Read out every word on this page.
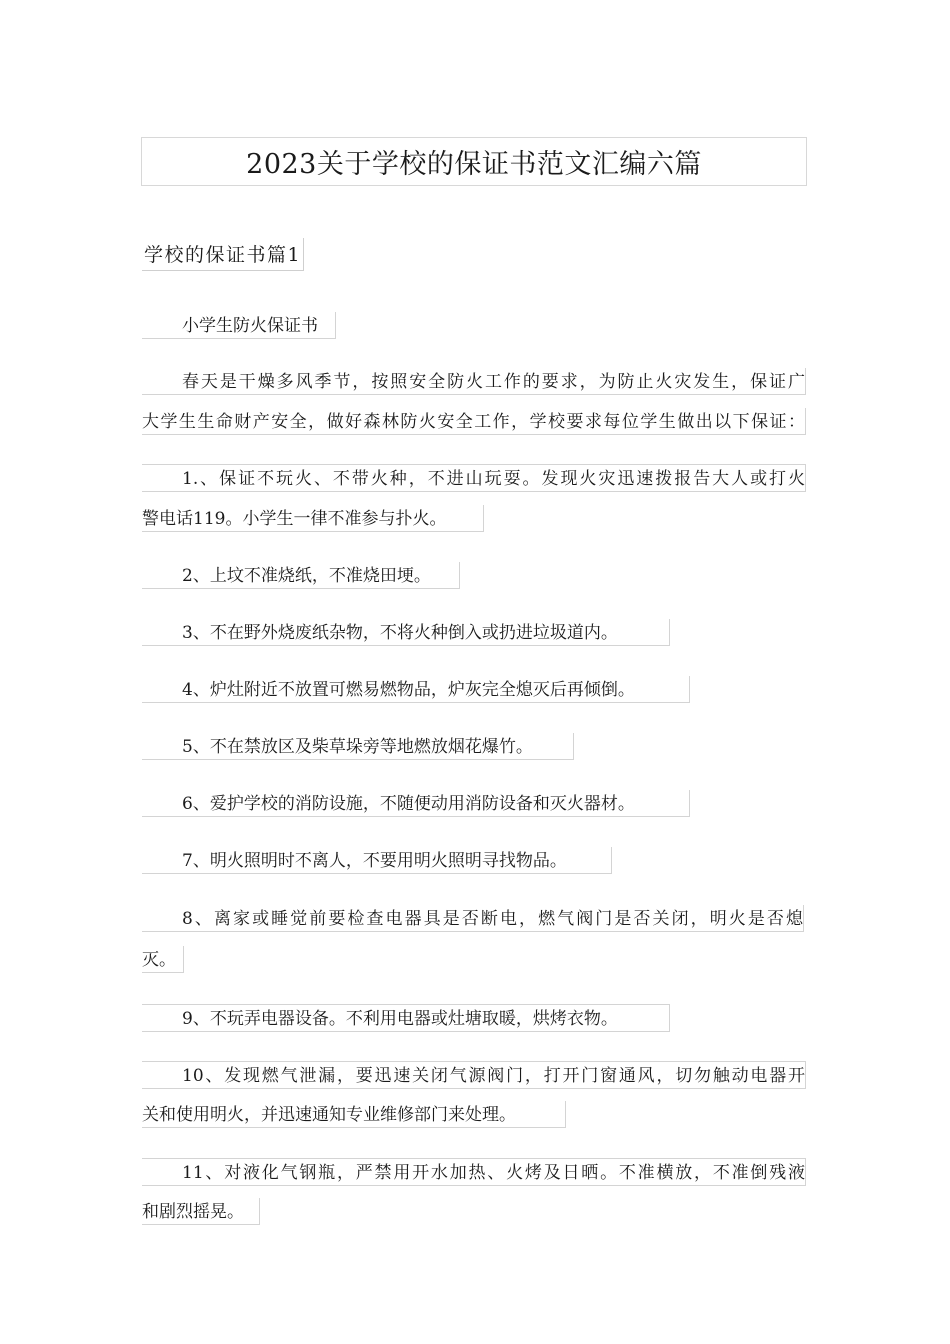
2023关于学校的保证书范文汇编六篇
学校的保证书篇1
小学生防火保证书
春天是干燥多风季节，按照安全防火工作的要求，为防止火灾发生，保证广
大学生生命财产安全，做好森林防火安全工作，学校要求每位学生做出以下保证：
1.、保证不玩火、不带火种，不进山玩耍。发现火灾迅速拨报告大人或打火
警电话119。小学生一律不准参与扑火。
2、上坟不准烧纸，不准烧田埂。
3、不在野外烧废纸杂物，不将火种倒入或扔进垃圾道内。
4、炉灶附近不放置可燃易燃物品，炉灰完全熄灭后再倾倒。
5、不在禁放区及柴草垛旁等地燃放烟花爆竹。
6、爱护学校的消防设施，不随便动用消防设备和灭火器材。
7、明火照明时不离人，不要用明火照明寻找物品。
8、离家或睡觉前要检查电器具是否断电，燃气阀门是否关闭，明火是否熄
灭。
9、不玩弄电器设备。不利用电器或灶塘取暖，烘烤衣物。
10、发现燃气泄漏，要迅速关闭气源阀门，打开门窗通风，切勿触动电器开
关和使用明火，并迅速通知专业维修部门来处理。
11、对液化气钢瓶，严禁用开水加热、火烤及日晒。不准横放，不准倒残液
和剧烈摇晃。
